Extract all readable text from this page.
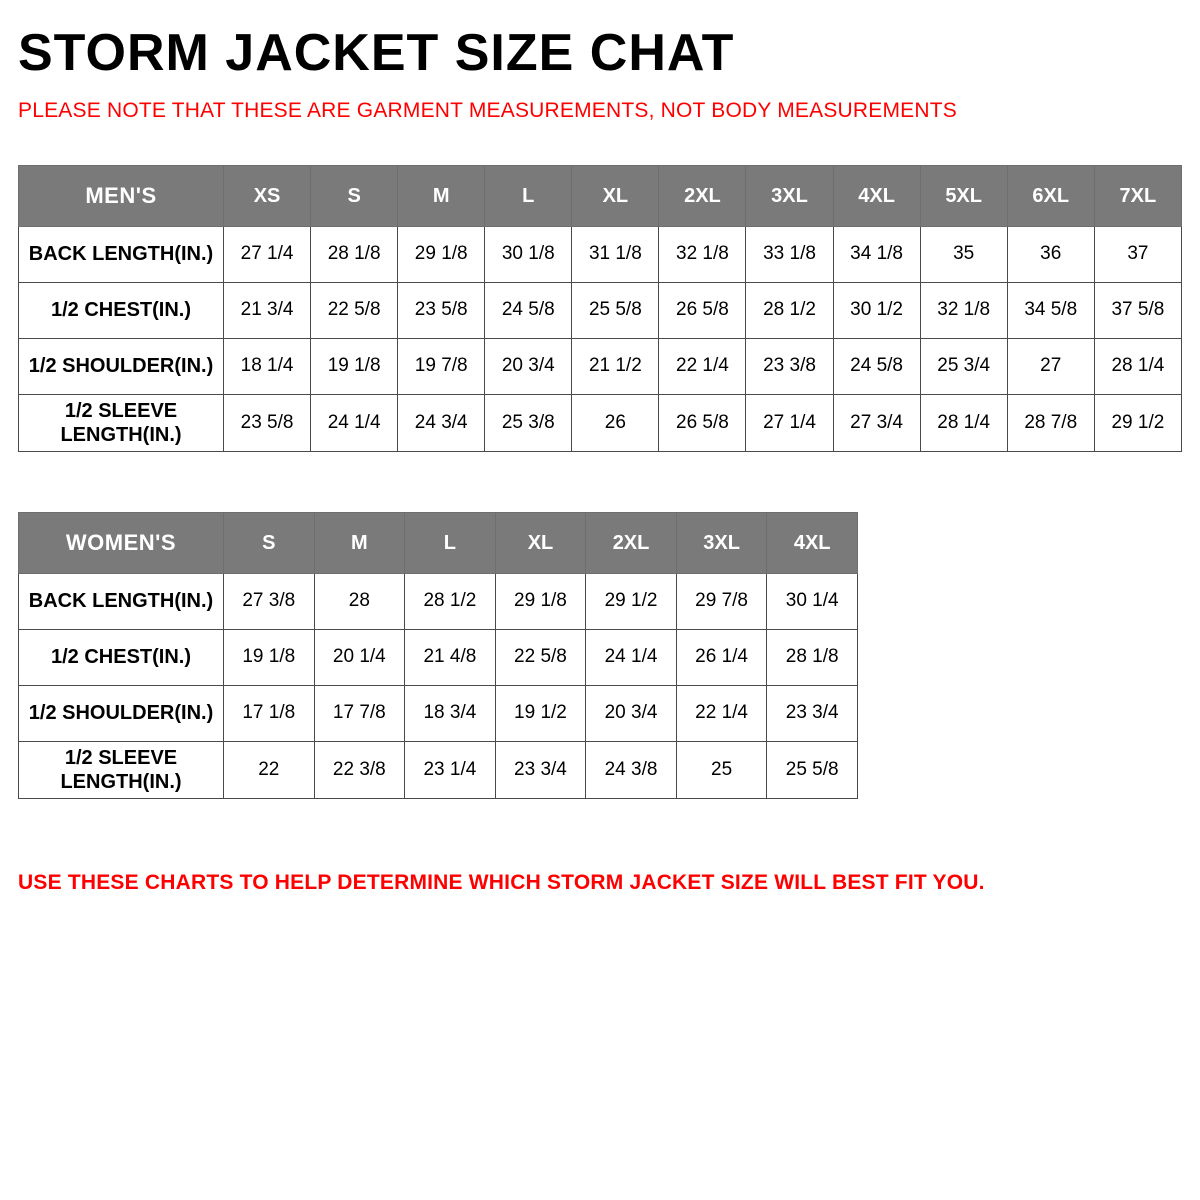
STORM JACKET SIZE CHAT

PLEASE NOTE THAT THESE ARE GARMENT MEASUREMENTS, NOT BODY MEASUREMENTS

MEN'S	XS	S	M	L	XL	2XL	3XL	4XL	5XL	6XL	7XL
BACK LENGTH(IN.)	27 1/4	28 1/8	29 1/8	30 1/8	31 1/8	32 1/8	33 1/8	34 1/8	35	36	37
1/2 CHEST(IN.)	21 3/4	22 5/8	23 5/8	24 5/8	25 5/8	26 5/8	28 1/2	30 1/2	32 1/8	34 5/8	37 5/8
1/2 SHOULDER(IN.)	18 1/4	19 1/8	19 7/8	20 3/4	21 1/2	22 1/4	23 3/8	24 5/8	25 3/4	27	28 1/4
1/2 SLEEVE LENGTH(IN.)	23 5/8	24 1/4	24 3/4	25 3/8	26	26 5/8	27 1/4	27 3/4	28 1/4	28 7/8	29 1/2
WOMEN'S	S	M	L	XL	2XL	3XL	4XL
BACK LENGTH(IN.)	27 3/8	28	28 1/2	29 1/8	29 1/2	29 7/8	30 1/4
1/2 CHEST(IN.)	19 1/8	20 1/4	21 4/8	22 5/8	24 1/4	26 1/4	28 1/8
1/2 SHOULDER(IN.)	17 1/8	17 7/8	18 3/4	19 1/2	20 3/4	22 1/4	23 3/4
1/2 SLEEVE LENGTH(IN.)	22	22 3/8	23 1/4	23 3/4	24 3/8	25	25 5/8

USE THESE CHARTS TO HELP DETERMINE WHICH STORM JACKET SIZE WILL BEST FIT YOU.
